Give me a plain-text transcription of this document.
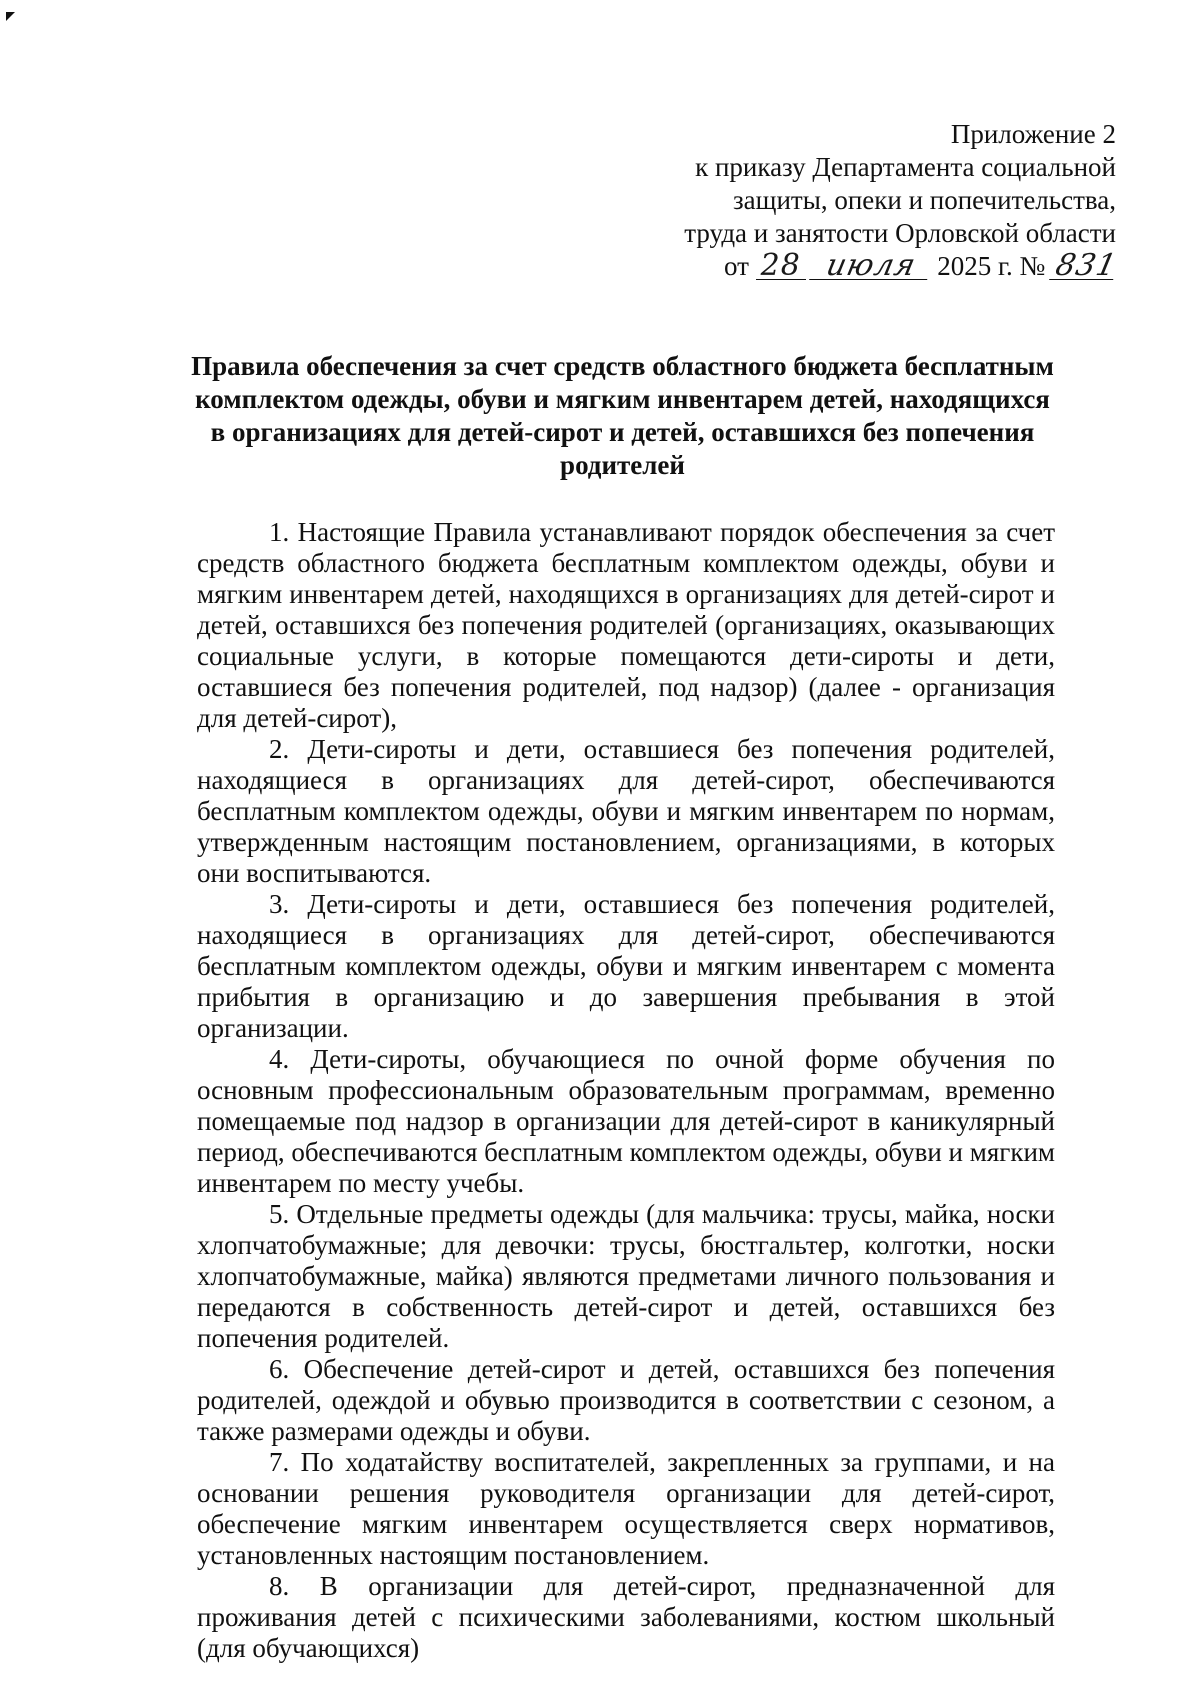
Приложение 2
к приказу Департамента социальной
защиты, опеки и попечительства,
труда и занятости Орловской области
от 28 июля 2025 г. № 831
Правила обеспечения за счет средств областного бюджета бесплатным комплектом одежды, обуви и мягким инвентарем детей, находящихся в организациях для детей-сирот и детей, оставшихся без попечения родителей

1. Настоящие Правила устанавливают порядок обеспечения за счет средств областного бюджета бесплатным комплектом одежды, обуви и мягким инвентарем детей, находящихся в организациях для детей-сирот и детей, оставшихся без попечения родителей (организациях, оказывающих социальные услуги, в которые помещаются дети-сироты и дети, оставшиеся без попечения родителей, под надзор) (далее - организация для детей-сирот),

2. Дети-сироты и дети, оставшиеся без попечения родителей, находящиеся в организациях для детей-сирот, обеспечиваются бесплатным комплектом одежды, обуви и мягким инвентарем по нормам, утвержденным настоящим постановлением, организациями, в которых они воспитываются.

3. Дети-сироты и дети, оставшиеся без попечения родителей, находящиеся в организациях для детей-сирот, обеспечиваются бесплатным комплектом одежды, обуви и мягким инвентарем с момента прибытия в организацию и до завершения пребывания в этой организации.

4. Дети-сироты, обучающиеся по очной форме обучения по основным профессиональным образовательным программам, временно помещаемые под надзор в организации для детей-сирот в каникулярный период, обеспечиваются бесплатным комплектом одежды, обуви и мягким инвентарем по месту учебы.

5. Отдельные предметы одежды (для мальчика: трусы, майка, носки хлопчатобумажные; для девочки: трусы, бюстгальтер, колготки, носки хлопчатобумажные, майка) являются предметами личного пользования и передаются в собственность детей-сирот и детей, оставшихся без попечения родителей.

6. Обеспечение детей-сирот и детей, оставшихся без попечения родителей, одеждой и обувью производится в соответствии с сезоном, а также размерами одежды и обуви.

7. По ходатайству воспитателей, закрепленных за группами, и на основании решения руководителя организации для детей-сирот, обеспечение мягким инвентарем осуществляется сверх нормативов, установленных настоящим постановлением.

8. В организации для детей-сирот, предназначенной для проживания детей с психическими заболеваниями, костюм школьный (для обучающихся)
